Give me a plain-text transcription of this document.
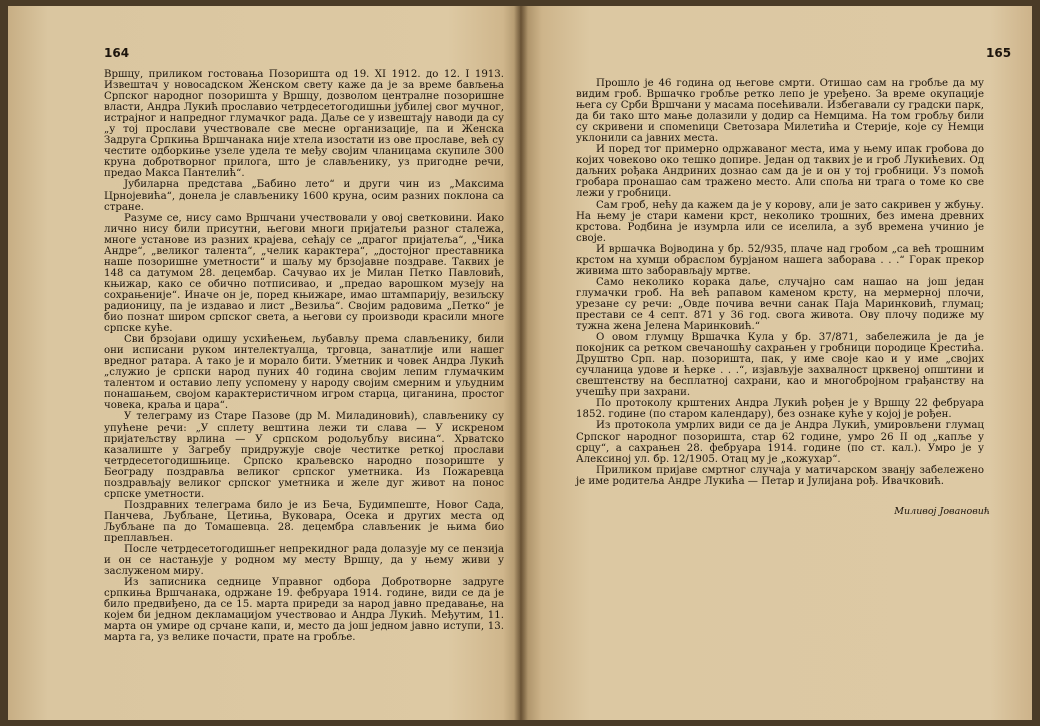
164

Вршцу, приликом гостовања Позоришта од 19. XI 1912. до 12. I 1913. Извештач у новосадском Женском свету каже да је за време бављења Српског народног позоришта у Вршцу, дозволом централне позоришне власти, Андра Лукић прославио четрдесетогодишњи јубилеј свог мучног, истрајног и напредног глумачког рада. Даље се у извештају наводи да су „у тој прослави учествовале све месне организације, па и Женска Задруга Српкиња Вршчанака није хтела изостати из ове прославе, већ су честите одборкиње узеле удела те међу својим чланицама скупиле 300 круна добротворног прилога, што је слављенику, уз пригодне речи, предао Макса Пантелић“.

Јубиларна представа „Бабино лето“ и други чин из „Максима Црнојевића“, донела је слављенику 1600 круна, осим разних поклона са стране.

Разуме се, нису само Вршчани учествовали у овој светковини. Иако лично нису били присутни, његови многи пријатељи разног сталежа, многе установе из разних крајева, сећају се „драгог пријатеља“, „Чика Андре“, „великог талента“, „челик карактера“, „достојног преставника наше позоришне уметности“ и шаљу му брзојавне поздраве. Таквих је 148 са датумом 28. децембар. Сачувао их је Милан Петко Павловић, књижар, како се обично потписивао, и „предао варошком музеју на сохрањеније“. Иначе он је, поред књижаре, имао штампарију, везиљску радионицу, па је издавао и лист „Везиља“. Својим радовима „Петко“ је био познат широм српског света, а његови су производи красили многе српске куће.

Сви брзојави одишу усхићењем, љубављу према слављенику, били они исписани руком интелектуалца, трговца, занатлије или нашег вредног ратара. А тако је и морало бити. Уметник и човек Андра Лукић „служио је српски народ пуних 40 година својим лепим глумачким талентом и оставио лепу успомену у народу својим смерним и уљудним понашањем, својом карактеристичном игром старца, циганина, простог човека, краља и цара“.

У телеграму из Старе Пазове (др М. Миладиновић), слављенику су упућене речи: „У сплету вештина лежи ти слава — У искреном пријатељству врлина — У српском родољубљу висина“. Хрватско казалиште у Загребу придружује своје честитке реткој прослави четрдесетогодишњице. Српско краљевско народно позориште у Београду поздравља великог српског уметника. Из Пожаревца поздрављају великог српског уметника и желе дуг живот на понос српске уметности.

Поздравних телеграма било је из Беча, Будимпеште, Новог Сада, Панчева, Љубљане, Цетиња, Вуковара, Осека и других места од Љубљане па до Томашевца. 28. децембра слављеник је њима био преплављен.

После четрдесетогодишњег непрекидног рада долазује му се пензија и он се настањује у родном му месту Вршцу, да у њему живи у заслуженом миру.

Из записника седнице Управног одбора Добротворне задруге српкиња Вршчанака, одржане 19. фебруара 1914. године, види се да је било предвиђено, да се 15. марта приреди за народ јавно предавање, на којем би једном декламацијом учествовао и Андра Лукић. Међутим, 11. марта он умире од срчане капи, и, место да још једном јавно иступи, 13. марта га, уз велике почасти, прате на гробље.

165

Прошло је 46 година од његове смрти. Отишао сам на гробље да му видим гроб. Вршачко гробље ретко лепо је уређено. За време окупације њега су Срби Вршчани у масама посећивали. Избегавали су градски парк, да би тако што мање долазили у додир са Немцима. На том гробљу били су скривени и спомеnици Светозара Милетића и Стерије, које су Немци уклонили са јавних места.

И поред тог примерно одржаваног места, има у њему ипак гробова до којих човеково око тешко допире. Један од таквих је и гроб Лукићевих. Од даљних рођака Андриних дознао сам да је и он у тој гробници. Уз помоћ гробара пронашао сам тражено место. Али споља ни трага о томе ко све лежи у гробници.

Сам гроб, нећу да кажем да је у корову, али је зато сакривен у жбуњу. На њему је стари камени крст, неколико трошних, без имена древних крстова. Родбина је изумрла или се иселила, а зуб времена учинио је своје.

И вршачка Војводина у бр. 52/935, плаче над гробом „са већ трошним крстом на хумци обраслом бурјаном нашега заборава . . .“ Горак прекор живима што заборављају мртве.

Само неколико корака даље, случајно сам нашао на још један глумачки гроб. На већ рапавом каменом крсту, на мермерној плочи, урезане су речи: „Овде почива вечни санак Паја Маринковић, глумац; престави се 4 септ. 871 у 36 год. свога живота. Ову плочу подиже му тужна жена Јелена Маринковић.“

О овом глумцу Вршачка Кула у бр. 37/871, забележила је да је покојник са ретком свечаношћу сахрањен у гробници породице Крестића. Друштво Срп. нар. позоришта, пак, у име своје као и у име „својих сучланица удове и ћерке . . .“, изјављује захвалност црквеној општини и свештенству на бесплатној сахрани, као и многобројном грађанству на учешћу при захрани.

По протоколу крштених Андра Лукић рођен је у Вршцу 22 фебруара 1852. године (по старом календару), без ознаке куће у којој је рођен.

Из протокола умрлих види се да је Андра Лукић, умировљени глумац Српског народног позоришта, стар 62 године, умро 26 II од „капље у срцу“, а сахрањен 28. фебруара 1914. године (по ст. кал.). Умро је у Алексиној ул. бр. 12/1905. Отац му је „кожухар“.

Приликом пријаве смртног случаја у матичарском званју забележено је име родитеља Андре Лукића — Петар и Јулијана рођ. Ивачковић.

Миливој Јовановић
